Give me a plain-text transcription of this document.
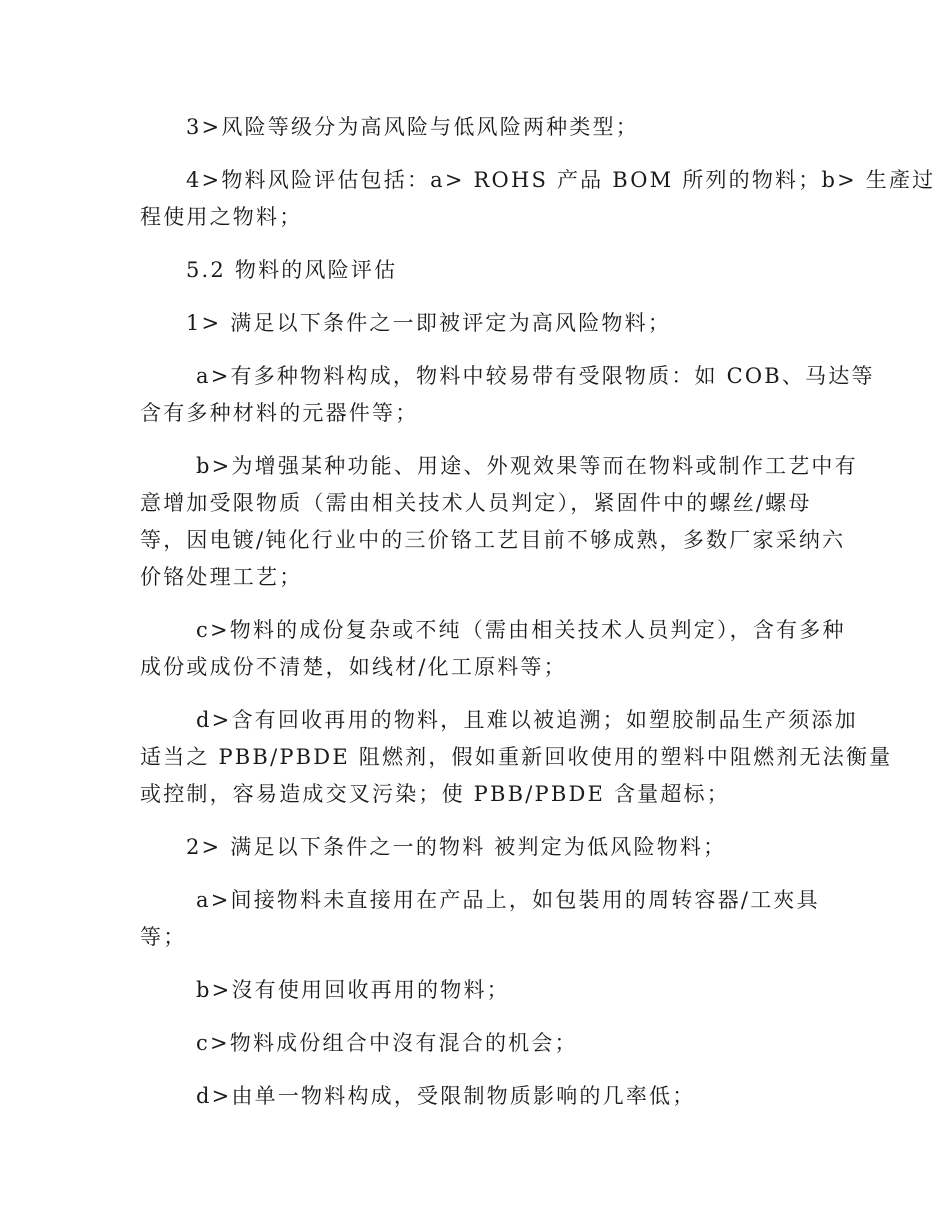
3>风险等级分为高风险与低风险两种类型；
4>物料风险评估包括：a> ROHS 产品 BOM 所列的物料；b> 生產过
程使用之物料；
5.2 物料的风险评估
1> 满足以下条件之一即被评定为高风险物料；
a>有多种物料构成，物料中较易带有受限物质：如 COB、马达等
含有多种材料的元器件等；
b>为增强某种功能、用途、外观效果等而在物料或制作工艺中有
意增加受限物质（需由相关技术人员判定），紧固件中的螺丝/螺母
等，因电镀/钝化行业中的三价铬工艺目前不够成熟，多数厂家采纳六
价铬处理工艺；
c>物料的成份复杂或不纯（需由相关技术人员判定），含有多种
成份或成份不清楚，如线材/化工原料等；
d>含有回收再用的物料，且难以被追溯；如塑胶制品生产须添加
适当之 PBB/PBDE 阻燃剂，假如重新回收使用的塑料中阻燃剂无法衡量
或控制，容易造成交叉污染；使 PBB/PBDE 含量超标；
2> 满足以下条件之一的物料 被判定为低风险物料；
a>间接物料未直接用在产品上，如包裝用的周转容器/工夾具
等；
b>沒有使用回收再用的物料；
c>物料成份组合中沒有混合的机会；
d>由单一物料构成，受限制物质影响的几率低；
